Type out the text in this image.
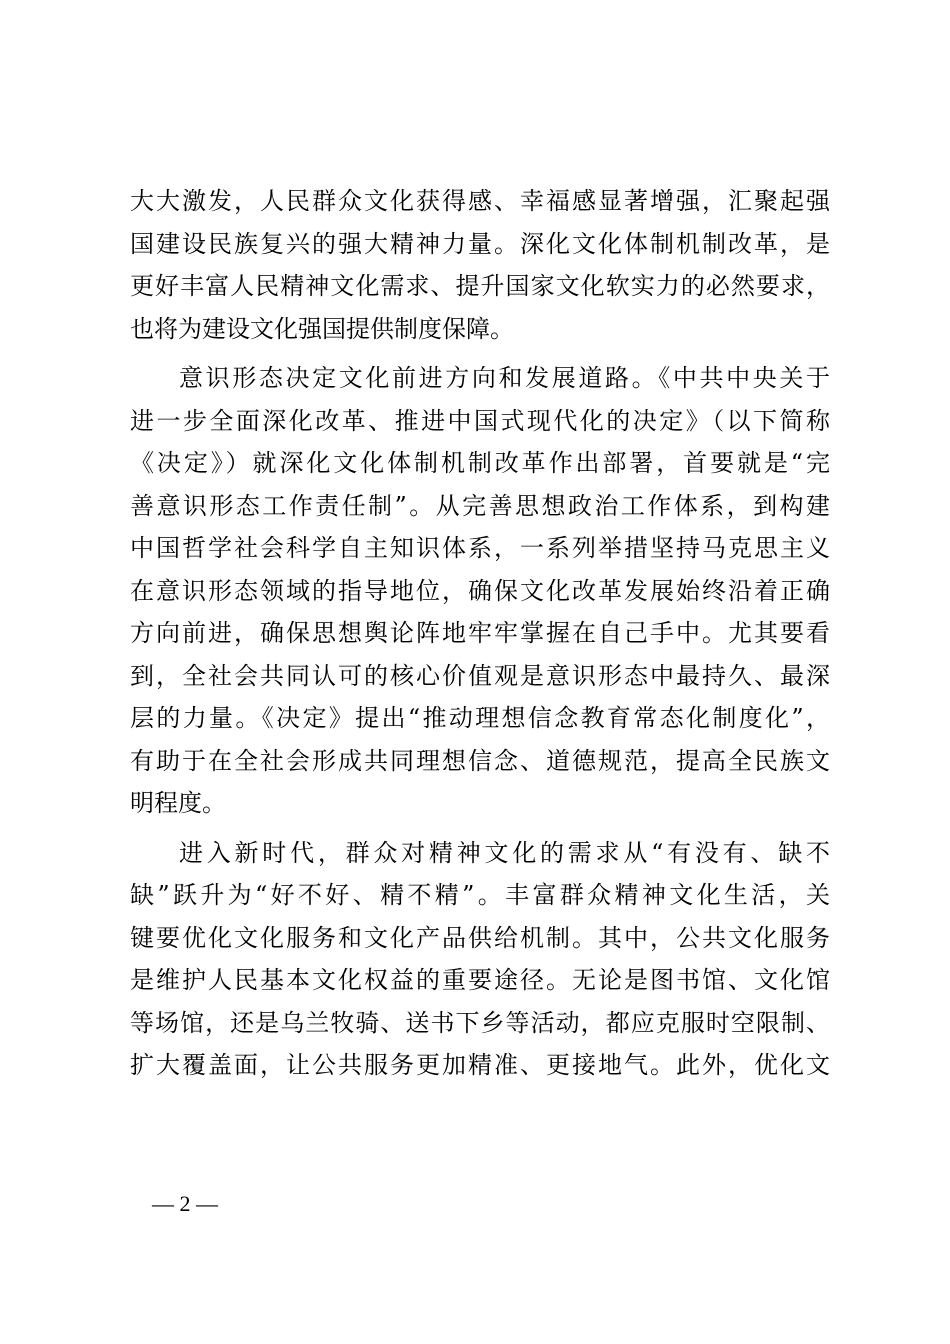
大大激发，人民群众文化获得感、幸福感显著增强，汇聚起强
国建设民族复兴的强大精神力量。深化文化体制机制改革，是
更好丰富人民精神文化需求、提升国家文化软实力的必然要求，
也将为建设文化强国提供制度保障。
意识形态决定文化前进方向和发展道路。《中共中央关于
进一步全面深化改革、推进中国式现代化的决定》（以下简称
《决定》）就深化文化体制机制改革作出部署，首要就是“完
善意识形态工作责任制”。从完善思想政治工作体系，到构建
中国哲学社会科学自主知识体系，一系列举措坚持马克思主义
在意识形态领域的指导地位，确保文化改革发展始终沿着正确
方向前进，确保思想舆论阵地牢牢掌握在自己手中。尤其要看
到，全社会共同认可的核心价值观是意识形态中最持久、最深
层的力量。《决定》提出“推动理想信念教育常态化制度化”，
有助于在全社会形成共同理想信念、道德规范，提高全民族文
明程度。
进入新时代，群众对精神文化的需求从“有没有、缺不
缺”跃升为“好不好、精不精”。丰富群众精神文化生活，关
键要优化文化服务和文化产品供给机制。其中，公共文化服务
是维护人民基本文化权益的重要途径。无论是图书馆、文化馆
等场馆，还是乌兰牧骑、送书下乡等活动，都应克服时空限制、
扩大覆盖面，让公共服务更加精准、更接地气。此外，优化文
— 2 —
